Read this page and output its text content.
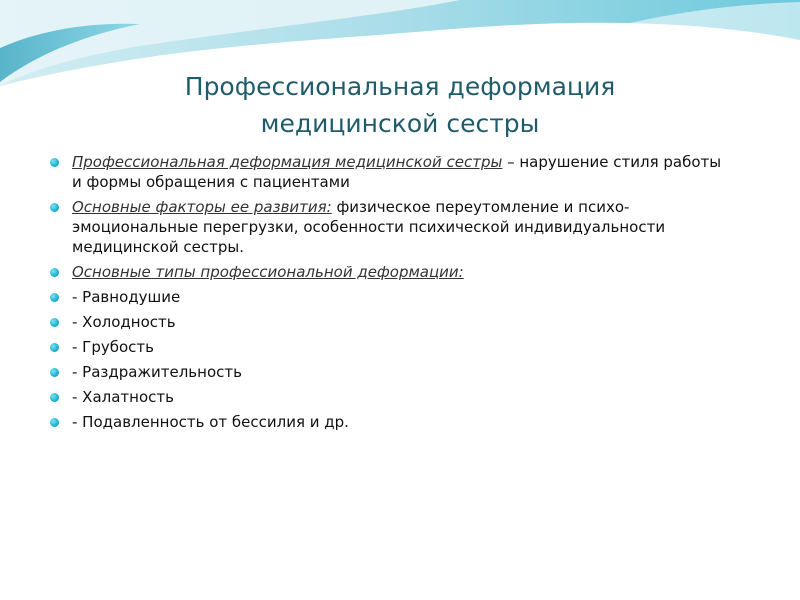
Профессиональная деформация
медицинской сестры
Профессиональная деформация медицинской сестры – нарушение стиля работы и формы обращения с пациентами
Основные факторы ее развития: физическое переутомление и психо-эмоциональные перегрузки, особенности психической индивидуальности медицинской сестры.
Основные типы профессиональной деформации:
- Равнодушие
- Холодность
- Грубость
- Раздражительность
- Халатность
- Подавленность от бессилия и др.
